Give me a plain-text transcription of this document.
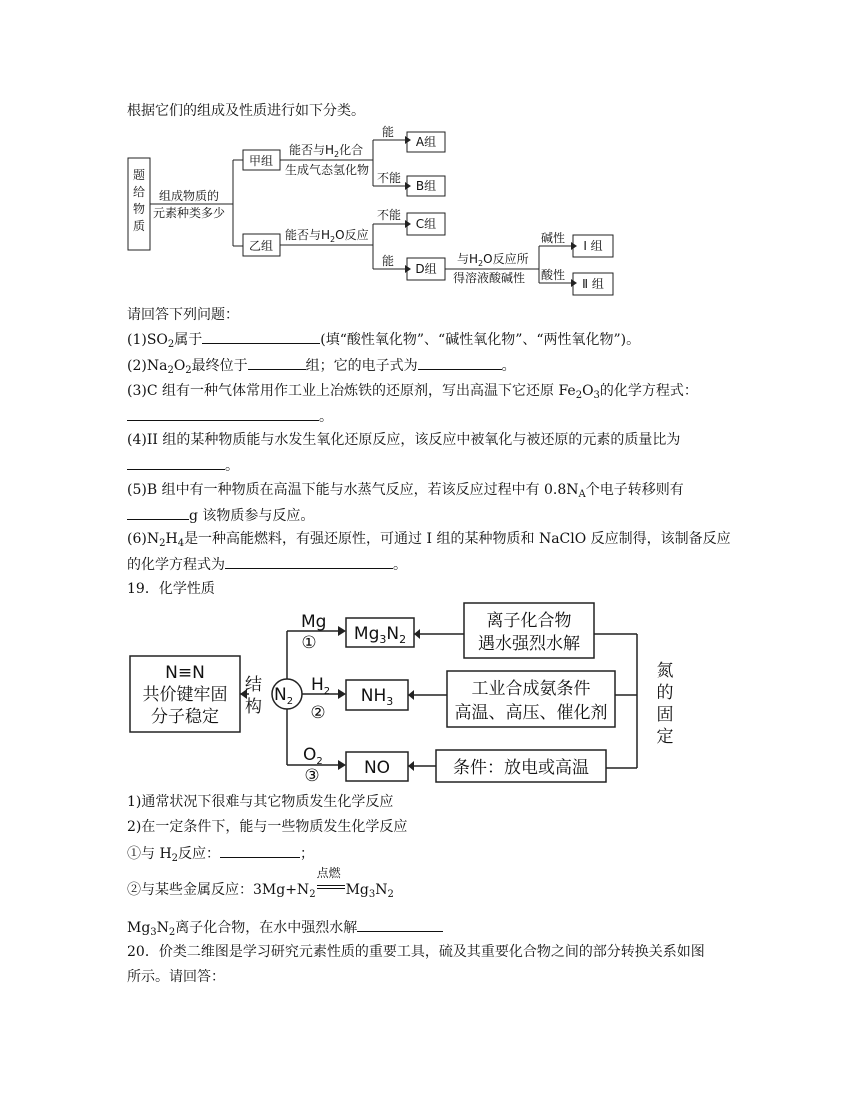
根据它们的组成及性质进行如下分类。
题
给
物
质
组成物质的
元素种类多少
甲组
乙组
能否与$H_2$化合
生成气态氢化物
能
不能
A组
B组
能否与$H_2O$反应
不能
能
C组
D组
与$H_2O$反应所
得溶液酸碱性
碱性
酸性
Ⅰ 组
Ⅱ 组
请回答下列问题：
$(1)SO_2$属于	(填“酸性氧化物”、“碱性氧化物”、“两性氧化物”)。
$(2)Na_2O_2$最终位于	组；它的电子式为	。
(3)C 组有一种气体常用作工业上冶炼铁的还原剂，写出高温下它还原 $Fe_2O_3$的化学方程式：
。
(4)II 组的某种物质能与水发生氧化还原反应，该反应中被氧化与被还原的元素的质量比为
。
(5)B 组中有一种物质在高温下能与水蒸气反应，若该反应过程中有 $0.8N_A$个电子转移则有
g 该物质参与反应。
$(6)N_2H_4$是一种高能燃料，有强还原性，可通过 I 组的某种物质和 NaClO 反应制得，该制备反应
的化学方程式为	。
19．化学性质
N≡N
共价键牢固
分子稳定
结
构
$N_2$
Mg
①
$H_2$
②
$O_2$
③
$Mg_3N_2$
$NH_3$
NO
离子化合物
遇水强烈水解
工业合成氨条件
高温、高压、催化剂
条件：放电或高温
氮
的
固
定
1)通常状况下很难与其它物质发生化学反应
2)在一定条件下，能与一些物质发生化学反应
①与 $H_2$反应：	；
②与某些金属反应：$3Mg+N_2$
点燃
$Mg_3N_2$
$Mg_3N_2$离子化合物，在水中强烈水解
20．价类二维图是学习研究元素性质的重要工具，硫及其重要化合物之间的部分转换关系如图
所示。请回答：
